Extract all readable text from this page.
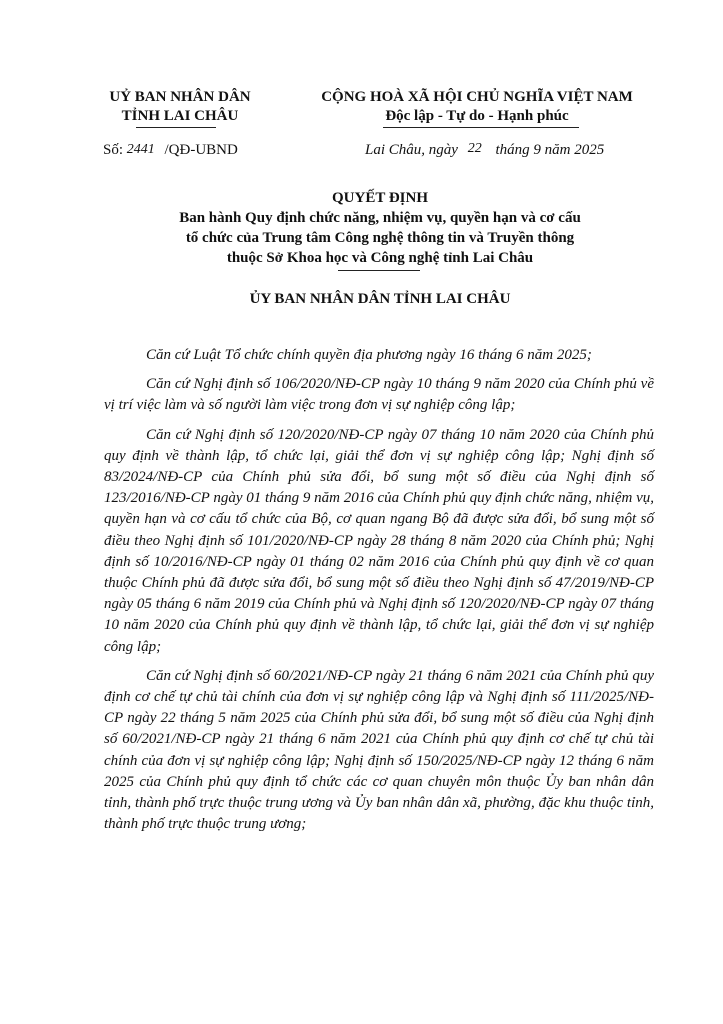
UỶ BAN NHÂN DÂN
TỈNH LAI CHÂU
CỘNG HOÀ XÃ HỘI CHỦ NGHĨA VIỆT NAM
Độc lập - Tự do - Hạnh phúc
Số: 2441 /QĐ-UBND	Lai Châu, ngày 22 tháng 9 năm 2025
QUYẾT ĐỊNH
Ban hành Quy định chức năng, nhiệm vụ, quyền hạn và cơ cấu
tổ chức của Trung tâm Công nghệ thông tin và Truyền thông
thuộc Sở Khoa học và Công nghệ tỉnh Lai Châu
ỦY BAN NHÂN DÂN TỈNH LAI CHÂU

Căn cứ Luật Tổ chức chính quyền địa phương ngày 16 tháng 6 năm 2025;

Căn cứ Nghị định số 106/2020/NĐ-CP ngày 10 tháng 9 năm 2020 của Chính phủ về vị trí việc làm và số người làm việc trong đơn vị sự nghiệp công lập;

Căn cứ Nghị định số 120/2020/NĐ-CP ngày 07 tháng 10 năm 2020 của Chính phủ quy định về thành lập, tổ chức lại, giải thể đơn vị sự nghiệp công lập; Nghị định số 83/2024/NĐ-CP của Chính phủ sửa đổi, bổ sung một số điều của Nghị định số 123/2016/NĐ-CP ngày 01 tháng 9 năm 2016 của Chính phủ quy định chức năng, nhiệm vụ, quyền hạn và cơ cấu tổ chức của Bộ, cơ quan ngang Bộ đã được sửa đổi, bổ sung một số điều theo Nghị định số 101/2020/NĐ-CP ngày 28 tháng 8 năm 2020 của Chính phủ; Nghị định số 10/2016/NĐ-CP ngày 01 tháng 02 năm 2016 của Chính phủ quy định về cơ quan thuộc Chính phủ đã được sửa đổi, bổ sung một số điều theo Nghị định số 47/2019/NĐ-CP ngày 05 tháng 6 năm 2019 của Chính phủ và Nghị định số 120/2020/NĐ-CP ngày 07 tháng 10 năm 2020 của Chính phủ quy định về thành lập, tổ chức lại, giải thể đơn vị sự nghiệp công lập;

Căn cứ Nghị định số 60/2021/NĐ-CP ngày 21 tháng 6 năm 2021 của Chính phủ quy định cơ chế tự chủ tài chính của đơn vị sự nghiệp công lập và Nghị định số 111/2025/NĐ-CP ngày 22 tháng 5 năm 2025 của Chính phủ sửa đổi, bổ sung một số điều của Nghị định số 60/2021/NĐ-CP ngày 21 tháng 6 năm 2021 của Chính phủ quy định cơ chế tự chủ tài chính của đơn vị sự nghiệp công lập; Nghị định số 150/2025/NĐ-CP ngày 12 tháng 6 năm 2025 của Chính phủ quy định tổ chức các cơ quan chuyên môn thuộc Ủy ban nhân dân tỉnh, thành phố trực thuộc trung ương và Ủy ban nhân dân xã, phường, đặc khu thuộc tỉnh, thành phố trực thuộc trung ương;
